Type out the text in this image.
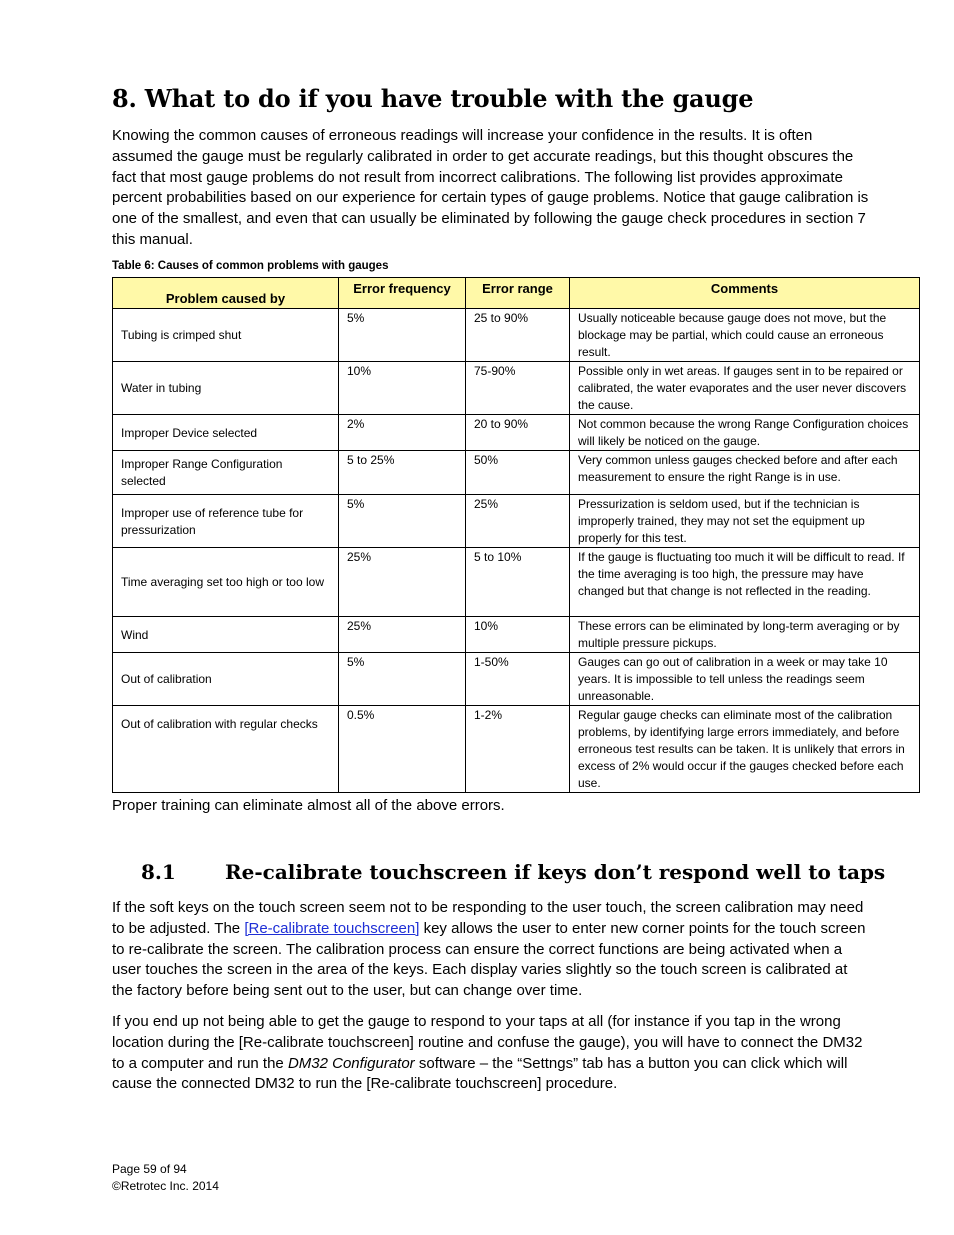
8. What to do if you have trouble with the gauge

Knowing the common causes of erroneous readings will increase your confidence in the results. It is often assumed the gauge must be regularly calibrated in order to get accurate readings, but this thought obscures the fact that most gauge problems do not result from incorrect calibrations. The following list provides approximate percent probabilities based on our experience for certain types of gauge problems. Notice that gauge calibration is one of the smallest, and even that can usually be eliminated by following the gauge check procedures in section 7 this manual.

Table 6: Causes of common problems with gauges

Problem caused by	Error frequency	Error range	Comments
Tubing is crimped shut	5%	25 to 90%	Usually noticeable because gauge does not move, but the blockage may be partial, which could cause an erroneous result.
Water in tubing	10%	75-90%	Possible only in wet areas. If gauges sent in to be repaired or calibrated, the water evaporates and the user never discovers the cause.
Improper Device selected	2%	20 to 90%	Not common because the wrong Range Configuration choices will likely be noticed on the gauge.
Improper Range Configuration selected	5 to 25%	50%	Very common unless gauges checked before and after each measurement to ensure the right Range is in use.
Improper use of reference tube for pressurization	5%	25%	Pressurization is seldom used, but if the technician is improperly trained, they may not set the equipment up properly for this test.
Time averaging set too high or too low	25%	5 to 10%	If the gauge is fluctuating too much it will be difficult to read. If the time averaging is too high, the pressure may have changed but that change is not reflected in the reading.
Wind	25%	10%	These errors can be eliminated by long-term averaging or by multiple pressure pickups.
Out of calibration	5%	1-50%	Gauges can go out of calibration in a week or may take 10 years. It is impossible to tell unless the readings seem unreasonable.
Out of calibration with regular checks	0.5%	1-2%	Regular gauge checks can eliminate most of the calibration problems, by identifying large errors immediately, and before erroneous test results can be taken. It is unlikely that errors in excess of 2% would occur if the gauges checked before each use.

Proper training can eliminate almost all of the above errors.

8.1 Re-calibrate touchscreen if keys don’t respond well to taps

If the soft keys on the touch screen seem not to be responding to the user touch, the screen calibration may need to be adjusted. The [Re-calibrate touchscreen] key allows the user to enter new corner points for the touch screen to re-calibrate the screen. The calibration process can ensure the correct functions are being activated when a user touches the screen in the area of the keys. Each display varies slightly so the touch screen is calibrated at the factory before being sent out to the user, but can change over time.

If you end up not being able to get the gauge to respond to your taps at all (for instance if you tap in the wrong location during the [Re-calibrate touchscreen] routine and confuse the gauge), you will have to connect the DM32 to a computer and run the DM32 Configurator software – the “Settngs” tab has a button you can click which will cause the connected DM32 to run the [Re-calibrate touchscreen] procedure.

Page 59 of 94
©Retrotec Inc. 2014
